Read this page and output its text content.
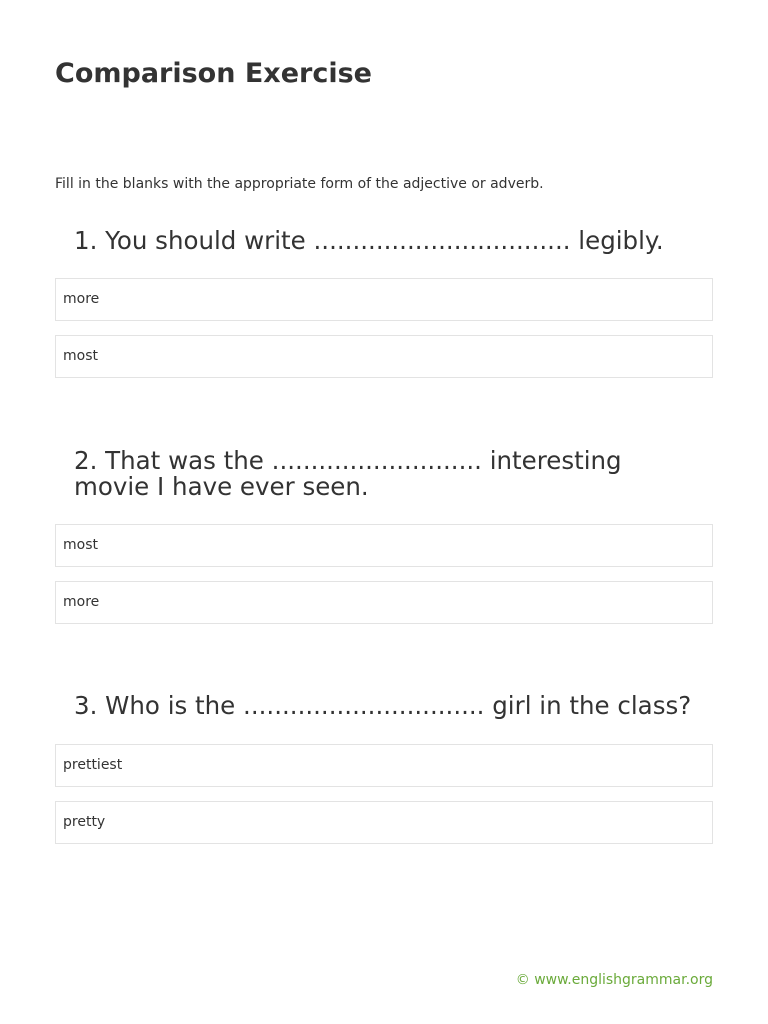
Comparison Exercise

Fill in the blanks with the appropriate form of the adjective or adverb.

1. You should write ................................. legibly.
more
most
2. That was the ........................... interesting movie I have ever seen.
most
more
3. Who is the ............................... girl in the class?
prettiest
pretty

© www.englishgrammar.org
